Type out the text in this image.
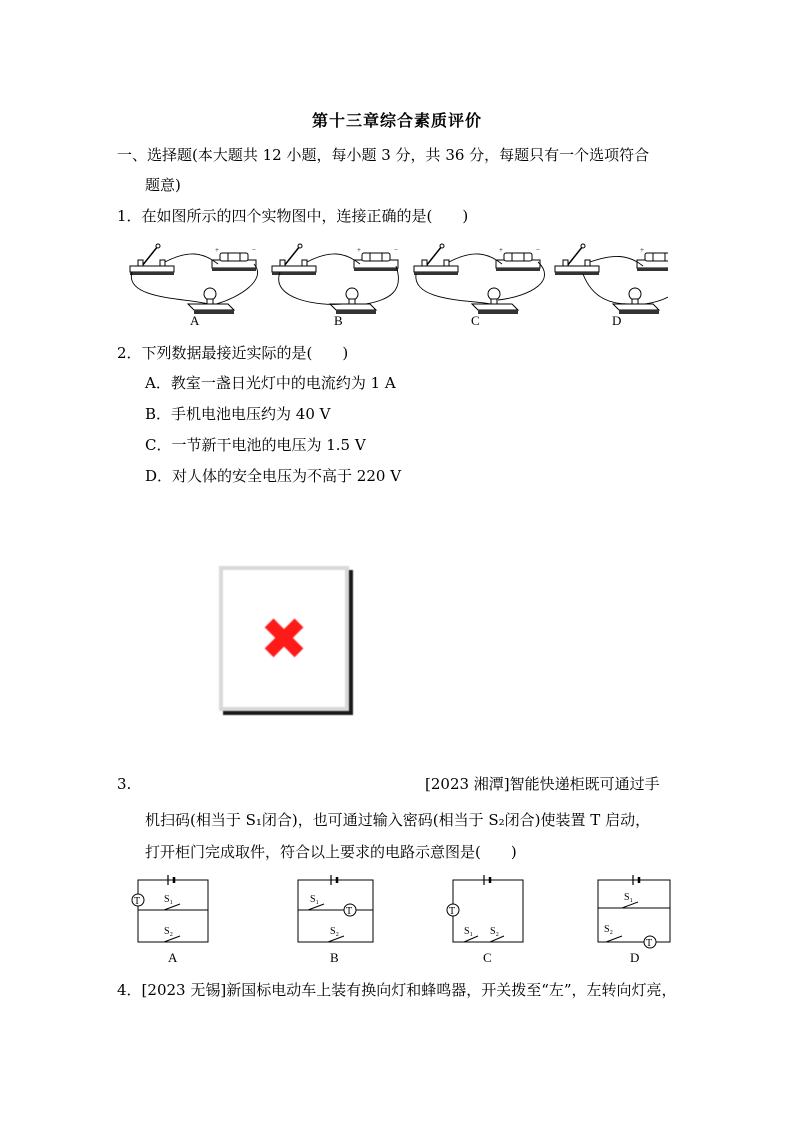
第十三章综合素质评价
一、选择题(本大题共 12 小题，每小题 3 分，共 36 分，每题只有一个选项符合
题意)
1．在如图所示的四个实物图中，连接正确的是(　　)
A	B	C	D
2．下列数据最接近实际的是(　　)
A．教室一盏日光灯中的电流约为 1 A
B．手机电池电压约为 40 V
C．一节新干电池的电压为 1.5 V
D．对人体的安全电压为不高于 220 V
✖
3.	[2023 湘潭]智能快递柜既可通过手
机扫码(相当于 S₁闭合)，也可通过输入密码(相当于 S₂闭合)使装置 T 启动，
打开柜门完成取件，符合以上要求的电路示意图是(　　)
T S₁
S₂
T
S₁
S₂
T
S₁ S₂
S₁
S₂
T
A	B	C	D
4．[2023 无锡]新国标电动车上装有换向灯和蜂鸣器，开关拨至“左”，左转向灯亮，
